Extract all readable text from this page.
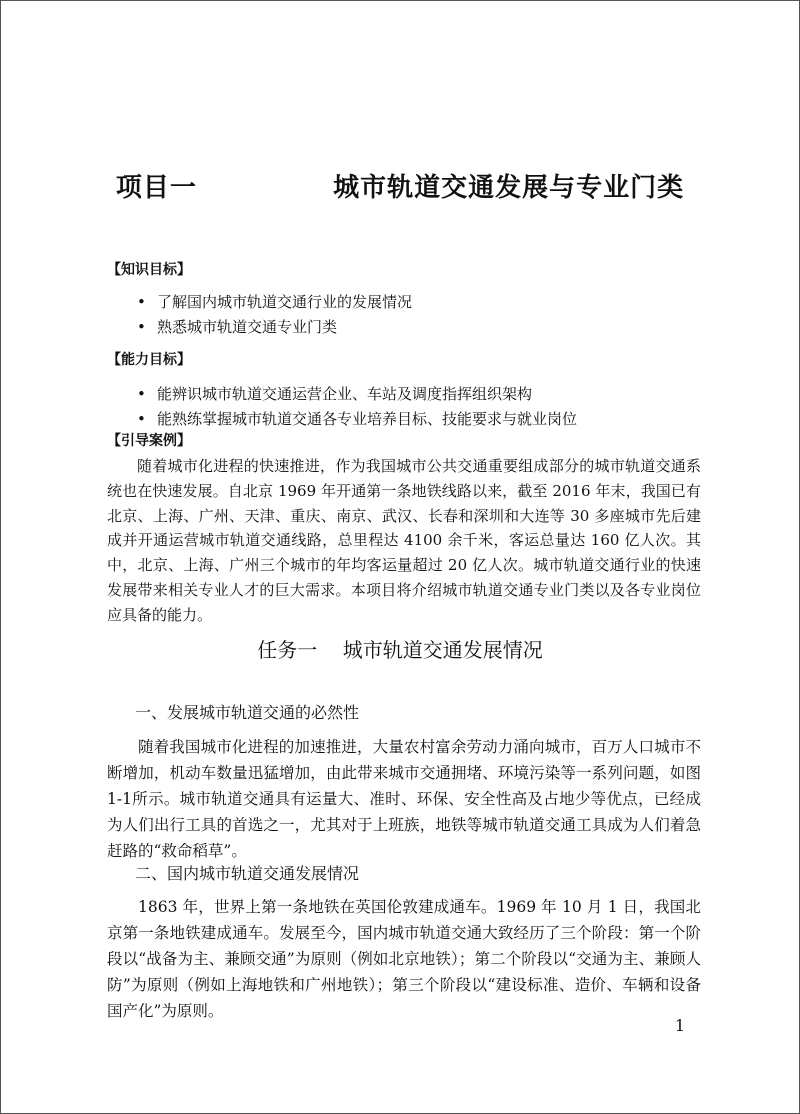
项目一    城市轨道交通发展与专业门类
【知识目标】
• 了解国内城市轨道交通行业的发展情况
• 熟悉城市轨道交通专业门类
【能力目标】
• 能辨识城市轨道交通运营企业、车站及调度指挥组织架构
• 能熟练掌握城市轨道交通各专业培养目标、技能要求与就业岗位
【引导案例】

随着城市化进程的快速推进，作为我国城市公共交通重要组成部分的城市轨道交通系统也在快速发展。自北京 1969 年开通第一条地铁线路以来，截至 2016 年末，我国已有北京、上海、广州、天津、重庆、南京、武汉、长春和深圳和大连等 30 多座城市先后建成并开通运营城市轨道交通线路，总里程达 4100 余千米，客运总量达 160 亿人次。其中，北京、上海、广州三个城市的年均客运量超过 20 亿人次。城市轨道交通行业的快速发展带来相关专业人才的巨大需求。本项目将介绍城市轨道交通专业门类以及各专业岗位应具备的能力。

任务一    城市轨道交通发展情况
一、发展城市轨道交通的必然性

随着我国城市化进程的加速推进，大量农村富余劳动力涌向城市，百万人口城市不断增加，机动车数量迅猛增加，由此带来城市交通拥堵、环境污染等一系列问题，如图 1-1所示。城市轨道交通具有运量大、准时、环保、安全性高及占地少等优点，已经成为人们出行工具的首选之一，尤其对于上班族，地铁等城市轨道交通工具成为人们着急赶路的“救命稻草”。

二、国内城市轨道交通发展情况

1863 年，世界上第一条地铁在英国伦敦建成通车。1969 年 10 月 1 日，我国北京第一条地铁建成通车。发展至今，国内城市轨道交通大致经历了三个阶段：第一个阶段以“战备为主、兼顾交通”为原则（例如北京地铁）；第二个阶段以“交通为主、兼顾人防”为原则（例如上海地铁和广州地铁）；第三个阶段以“建设标准、造价、车辆和设备国产化”为原则。

1
